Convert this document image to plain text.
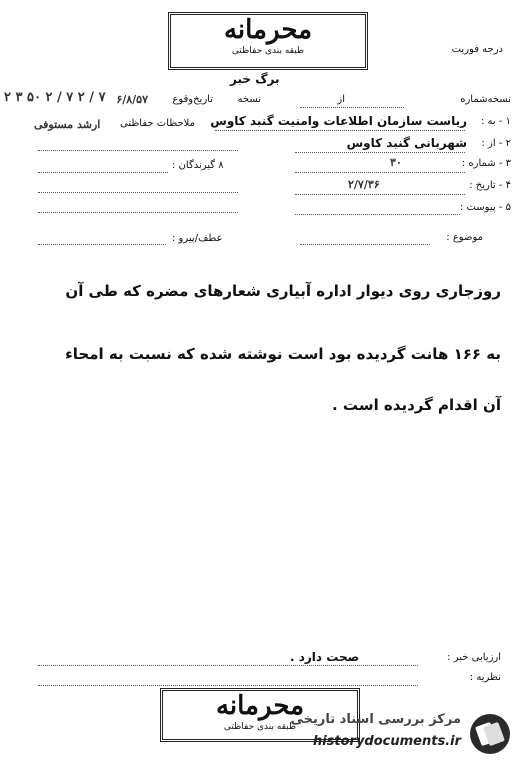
محرمانه
طبقه بندی حفاظتی	درجه فوریت
برگ خبر
نسخه‌شماره
از
نسخه
تاریخ‌وقوع
۶/۸/۵۷
۲ ۳ ۵۰ ۲ / ۷ ۲ / ۷
ارشد مستوفی ملاحظات حفاظتی	۱ - به :
ریاست سازمان اطلاعات وامنیت گنبد کاوس
۲ - از :
شهربانی گنبد کاوس
۳ - شماره :
۳۰
۸ گیرندگان :
۴ - تاریخ :
۲/۷/۳۶
۵ - پیوست :
موضوع :
عطف/پیرو :
روزجاری روی دیوار اداره آبیاری شعارهای مضره که طی آن
به ۱۶۶ هانت گردیده بود است نوشته شده که نسبت به امحاء
آن اقدام گردیده است .
ارزیابی خبر :
صحت دارد .
نظریه :
محرمانه
طبقه بندی حفاظتی
مرکز بررسی اسناد تاریخی
historydocuments.ir
